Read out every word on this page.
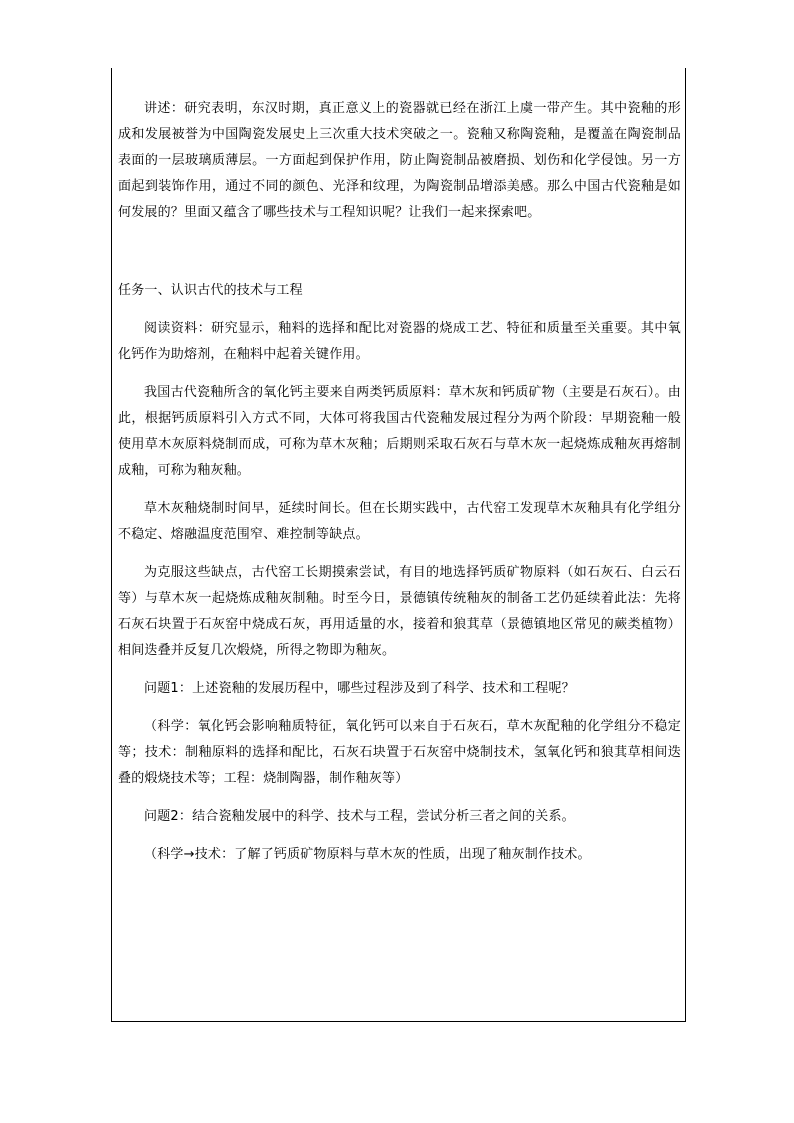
讲述：研究表明，东汉时期，真正意义上的瓷器就已经在浙江上虞一带产生。其中瓷釉的形成和发展被誉为中国陶瓷发展史上三次重大技术突破之一。瓷釉又称陶瓷釉，是覆盖在陶瓷制品表面的一层玻璃质薄层。一方面起到保护作用，防止陶瓷制品被磨损、划伤和化学侵蚀。另一方面起到装饰作用，通过不同的颜色、光泽和纹理，为陶瓷制品增添美感。那么中国古代瓷釉是如何发展的？里面又蕴含了哪些技术与工程知识呢？让我们一起来探索吧。

任务一、认识古代的技术与工程

阅读资料：研究显示，釉料的选择和配比对瓷器的烧成工艺、特征和质量至关重要。其中氧化钙作为助熔剂，在釉料中起着关键作用。

我国古代瓷釉所含的氧化钙主要来自两类钙质原料：草木灰和钙质矿物（主要是石灰石）。由此，根据钙质原料引入方式不同，大体可将我国古代瓷釉发展过程分为两个阶段：早期瓷釉一般使用草木灰原料烧制而成，可称为草木灰釉；后期则采取石灰石与草木灰一起烧炼成釉灰再熔制成釉，可称为釉灰釉。

草木灰釉烧制时间早，延续时间长。但在长期实践中，古代窑工发现草木灰釉具有化学组分不稳定、熔融温度范围窄、难控制等缺点。

为克服这些缺点，古代窑工长期摸索尝试，有目的地选择钙质矿物原料（如石灰石、白云石等）与草木灰一起烧炼成釉灰制釉。时至今日，景德镇传统釉灰的制备工艺仍延续着此法：先将石灰石块置于石灰窑中烧成石灰，再用适量的水，接着和狼萁草（景德镇地区常见的蕨类植物）相间迭叠并反复几次煅烧，所得之物即为釉灰。

问题1：上述瓷釉的发展历程中，哪些过程涉及到了科学、技术和工程呢？

（科学：氧化钙会影响釉质特征，氧化钙可以来自于石灰石，草木灰配釉的化学组分不稳定等；技术：制釉原料的选择和配比，石灰石块置于石灰窑中烧制技术，氢氧化钙和狼萁草相间迭叠的煅烧技术等；工程：烧制陶器，制作釉灰等）

问题2：结合瓷釉发展中的科学、技术与工程，尝试分析三者之间的关系。

（科学→技术：了解了钙质矿物原料与草木灰的性质，出现了釉灰制作技术。
